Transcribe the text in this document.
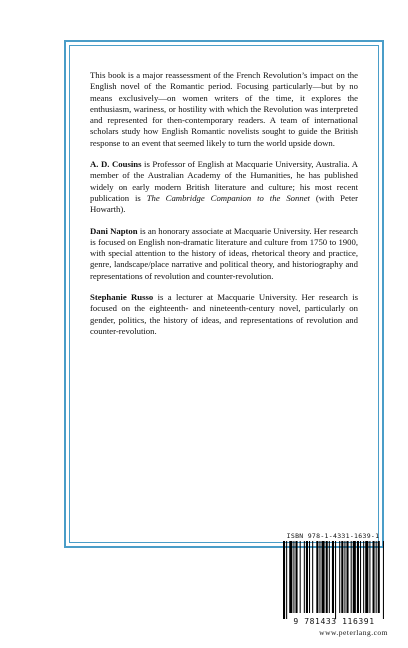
This book is a major reassessment of the French Revolution’s impact on the English novel of the Romantic period. Focusing particularly—but by no means exclusively—on women writers of the time, it explores the enthusiasm, wariness, or hostility with which the Revolution was interpreted and represented for then-contemporary readers. A team of international scholars study how English Romantic novelists sought to guide the British response to an event that seemed likely to turn the world upside down.

A. D. Cousins is Professor of English at Macquarie University, Australia. A member of the Australian Academy of the Humanities, he has published widely on early modern British literature and culture; his most recent publication is The Cambridge Companion to the Sonnet (with Peter Howarth).

Dani Napton is an honorary associate at Macquarie University. Her research is focused on English non-dramatic literature and culture from 1750 to 1900, with special attention to the history of ideas, rhetorical theory and practice, genre, landscape/place narrative and political theory, and historiography and representations of revolution and counter-revolution.

Stephanie Russo is a lecturer at Macquarie University. Her research is focused on the eighteenth- and nineteenth-century novel, particularly on gender, politics, the history of ideas, and representations of revolution and counter-revolution.

ISBN 978-1-4331-1639-1
9 781433 116391
www.peterlang.com
